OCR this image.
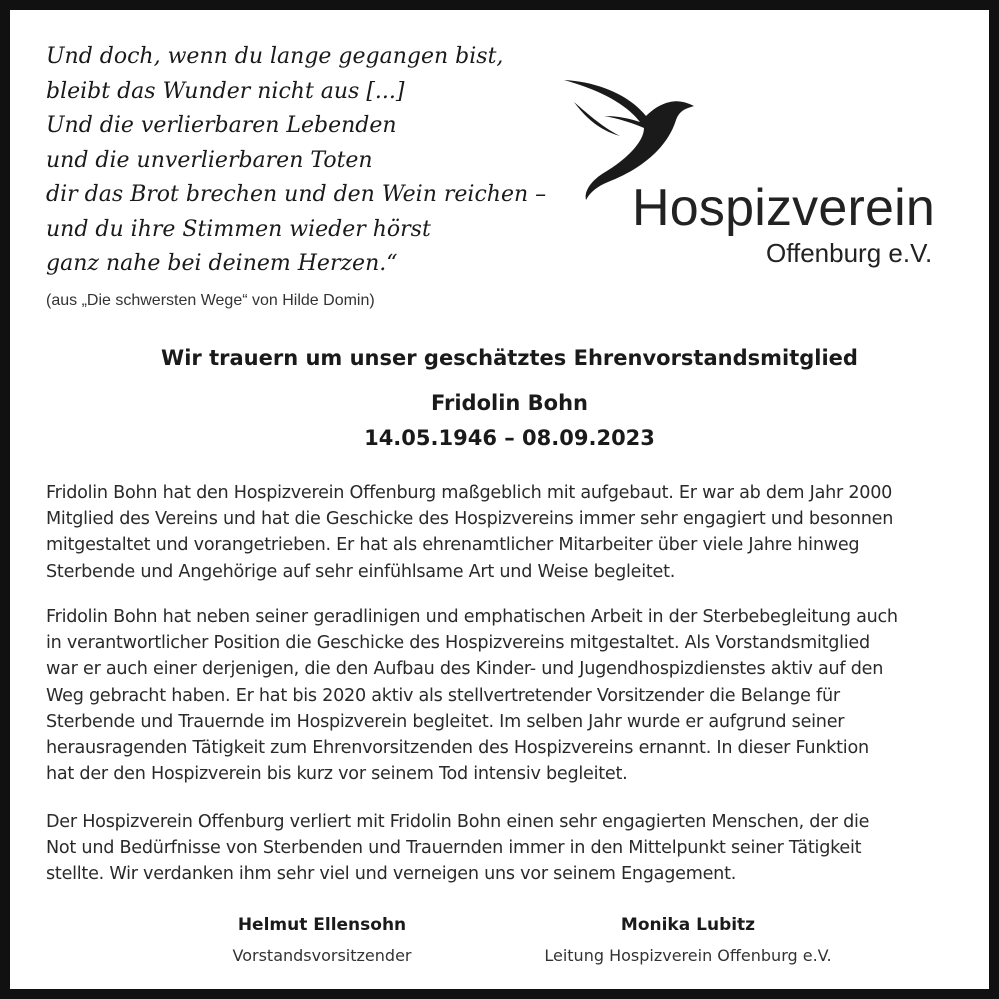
Und doch, wenn du lange gegangen bist,
bleibt das Wunder nicht aus [...]
Und die verlierbaren Lebenden
und die unverlierbaren Toten
dir das Brot brechen und den Wein reichen –
und du ihre Stimmen wieder hörst
ganz nahe bei deinem Herzen.“
(aus „Die schwersten Wege“ von Hilde Domin)
Hospizverein
Offenburg e.V.
Wir trauern um unser geschätztes Ehrenvorstandsmitglied
Fridolin Bohn
14.05.1946 – 08.09.2023
Fridolin Bohn hat den Hospizverein Offenburg maßgeblich mit aufgebaut. Er war ab dem Jahr 2000
Mitglied des Vereins und hat die Geschicke des Hospizvereins immer sehr engagiert und besonnen
mitgestaltet und vorangetrieben. Er hat als ehrenamtlicher Mitarbeiter über viele Jahre hinweg
Sterbende und Angehörige auf sehr einfühlsame Art und Weise begleitet.
Fridolin Bohn hat neben seiner geradlinigen und emphatischen Arbeit in der Sterbebegleitung auch
in verantwortlicher Position die Geschicke des Hospizvereins mitgestaltet. Als Vorstandsmitglied
war er auch einer derjenigen, die den Aufbau des Kinder- und Jugendhospizdienstes aktiv auf den
Weg gebracht haben. Er hat bis 2020 aktiv als stellvertretender Vorsitzender die Belange für
Sterbende und Trauernde im Hospizverein begleitet. Im selben Jahr wurde er aufgrund seiner
herausragenden Tätigkeit zum Ehrenvorsitzenden des Hospizvereins ernannt. In dieser Funktion
hat der den Hospizverein bis kurz vor seinem Tod intensiv begleitet.
Der Hospizverein Offenburg verliert mit Fridolin Bohn einen sehr engagierten Menschen, der die
Not und Bedürfnisse von Sterbenden und Trauernden immer in den Mittelpunkt seiner Tätigkeit
stellte. Wir verdanken ihm sehr viel und verneigen uns vor seinem Engagement.
Helmut Ellensohn
Vorstandsvorsitzender
Monika Lubitz
Leitung Hospizverein Offenburg e.V.
